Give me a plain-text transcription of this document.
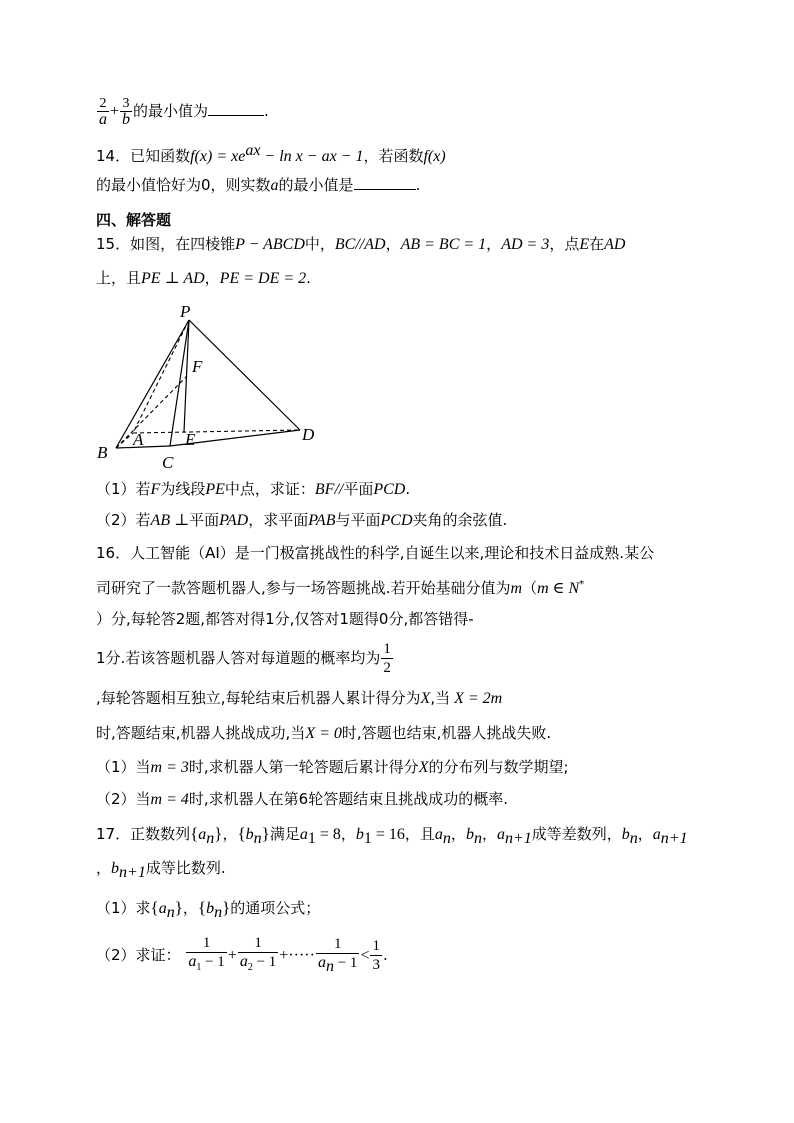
$\frac{2}{a} + \frac{3}{b}$ 的最小值为	.
14．已知函数$f(x) = xe^{ax} - \ln x$ − ax − 1，若函数f(x)
的最小值恰好为0，则实数a的最小值是	.
四、解答题
15．如图，在四棱锥P − ABCD中，BC//AD，AB = BC = 1，AD = 3，点E在AD
上，且PE ⊥ AD，PE = DE = 2.
P
F
A E	D
B
C
（1）若F为线段PE中点，求证：BF//平面PCD.
（2）若AB ⊥平面PAD，求平面PAB与平面PCD夹角的余弦值.
16．人工智能（AI）是一门极富挑战性的科学,自诞生以来,理论和技术日益成熟.某公
司研究了一款答题机器人,参与一场答题挑战.若开始基础分值为m（m ∈ N*
）分,每轮答2题,都答对得1分,仅答对1题得0分,都答错得-
1分.若该答题机器人答对每道题的概率均为 $\frac{1}{2}$
,每轮答题相互独立,每轮结束后机器人累计得分为X,当 X = 2m
时,答题结束,机器人挑战成功,当X = 0时,答题也结束,机器人挑战失败.
（1）当m = 3时,求机器人第一轮答题后累计得分X的分布列与数学期望;
（2）当m = 4时,求机器人在第6轮答题结束且挑战成功的概率.
17．正数数列$\{a_n\}$，$\{b_n\}$满足$a_1 = 8$，$b_1 = 16$，且$a_n$，$b_n$，$a_{n+1}$成等差数列，$b_n$，$a_{n+1}$
，$b_{n+1}$成等比数列.
（1）求$\{a_n\}$，$\{b_n\}$的通项公式；
（2）求证： $\frac{1}{a_1 - 1} + \frac{1}{a_2 - 1}$ +····· $\frac{1}{a_n - 1} < \frac{1}{3}$ .
